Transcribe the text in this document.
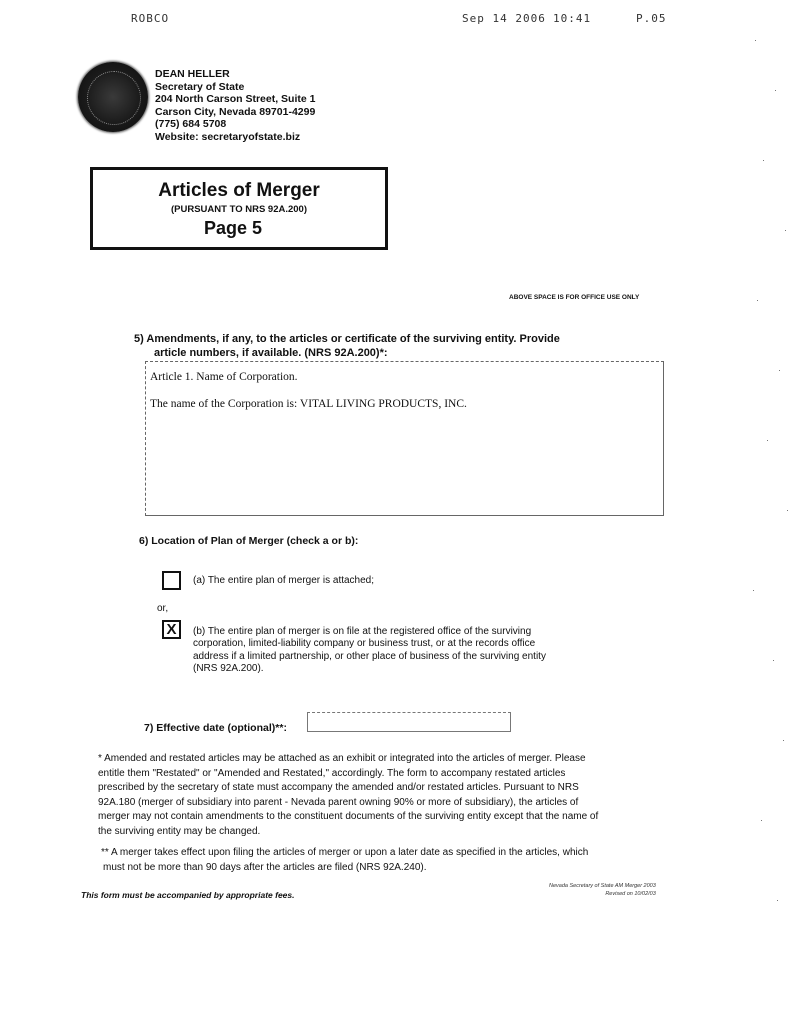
ROBCO	Sep 14 2006 10:41	P.05
DEAN HELLER
Secretary of State
204 North Carson Street, Suite 1
Carson City, Nevada 89701-4299
(775) 684 5708
Website: secretaryofstate.biz
Articles of Merger
(PURSUANT TO NRS 92A.200)
Page 5
ABOVE SPACE IS FOR OFFICE USE ONLY
5) Amendments, if any, to the articles or certificate of the surviving entity. Provide
article numbers, if available. (NRS 92A.200)*:
Article 1. Name of Corporation.
The name of the Corporation is: VITAL LIVING PRODUCTS, INC.
6) Location of Plan of Merger (check a or b):
(a) The entire plan of merger is attached;
or,
X	(b) The entire plan of merger is on file at the registered office of the surviving
corporation, limited-liability company or business trust, or at the records office
address if a limited partnership, or other place of business of the surviving entity
(NRS 92A.200).
7) Effective date (optional)**:
* Amended and restated articles may be attached as an exhibit or integrated into the articles of merger. Please
entitle them "Restated" or "Amended and Restated," accordingly. The form to accompany restated articles
prescribed by the secretary of state must accompany the amended and/or restated articles. Pursuant to NRS
92A.180 (merger of subsidiary into parent - Nevada parent owning 90% or more of subsidiary), the articles of
merger may not contain amendments to the constituent documents of the surviving entity except that the name of
the surviving entity may be changed.
** A merger takes effect upon filing the articles of merger or upon a later date as specified in the articles, which
must not be more than 90 days after the articles are filed (NRS 92A.240).
This form must be accompanied by appropriate fees.
Nevada Secretary of State AM Merger 2003
Revised on 10/02/03
